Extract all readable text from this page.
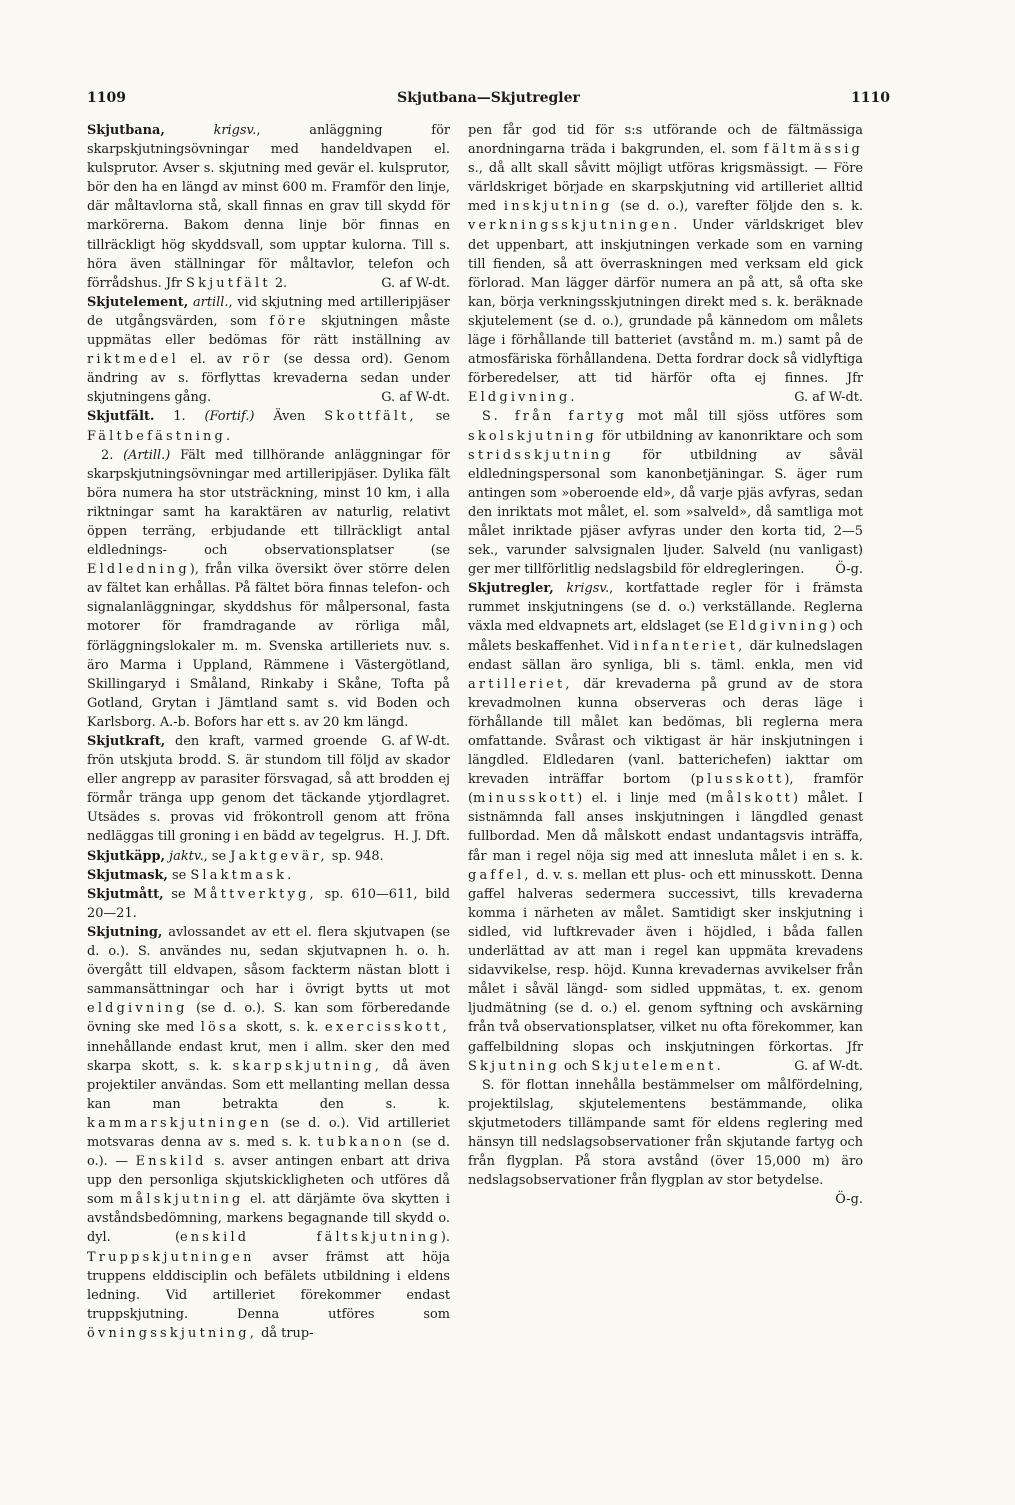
1109	Skjutbana—Skjutregler	1110

Skjutbana,	krigsv., anläggning för skarpskjutningsövningar med handeldvapen el. kulsprutor. Avser s. skjutning med gevär el. kulsprutor, bör den ha en längd av minst 600 m. Framför den linje, där måltavlorna stå, skall finnas en grav till skydd för markörerna. Bakom denna linje bör finnas en tillräckligt hög skyddsvall, som upptar kulorna. Till s. höra även ställningar för måltavlor, telefon och förrådshus. Jfr Skjutfält 2.	G. af W-dt.

Skjutelement, artill., vid skjutning med artilleripjäser de utgångsvärden, som före skjutningen måste uppmätas eller bedömas för rätt inställning av riktmedel el. av rör (se dessa ord). Genom ändring av s. förflyttas krevaderna sedan under skjutningens gång.	G. af W-dt.

Skjutfält. 1. (Fortif.) Även Skottfält, se Fältbefästning.

2. (Artill.) Fält med tillhörande anläggningar för skarpskjutningsövningar med artilleripjäser. Dylika fält böra numera ha stor utsträckning, minst 10 km, i alla riktningar samt ha karaktären av naturlig, relativt öppen terräng, erbjudande ett tillräckligt antal eldlednings- och observationsplatser (se Eldledning), från vilka översikt över större delen av fältet kan erhållas. På fältet böra finnas telefon- och signalanläggningar, skyddshus för målpersonal, fasta motorer för framdragande av rörliga mål, förläggningslokaler m. m. Svenska artilleriets nuv. s. äro Marma i Uppland, Rämmene i Västergötland, Skillingaryd i Småland, Rinkaby i Skåne, Tofta på Gotland, Grytan i Jämtland samt s. vid Boden och Karlsborg. A.-b. Bofors har ett s. av 20 km längd.
G. af W-dt.

Skjutkraft, den kraft, varmed groende frön utskjuta brodd. S. är stundom till följd av skador eller angrepp av parasiter försvagad, så att brodden ej förmår tränga upp genom det täckande ytjordlagret. Utsädes s. provas vid frökontroll genom att fröna nedläggas till groning i en bädd av tegelgrus. H. J. Dft.

Skjutkäpp, jaktv., se Jaktgevär, sp. 948.

Skjutmask, se Slaktmask.

Skjutmått, se Måttverktyg, sp. 610—611, bild 20—21.

Skjutning, avlossandet av ett el. flera skjutvapen (se d. o.). S. användes nu, sedan skjutvapnen h. o. h. övergått till eldvapen, såsom fackterm nästan blott i sammansättningar och har i övrigt bytts ut mot eldgivning (se d. o.). S. kan som förberedande övning ske med lösa skott, s. k. exercisskott, innehållande endast krut, men i allm. sker den med skarpa skott, s. k. skarpskjutning, då även projektiler användas. Som ett mellanting mellan dessa kan man betrakta den s. k. kammarskjutningen (se d. o.). Vid artilleriet motsvaras denna av s. med s. k. tubkanon (se d. o.). — Enskild s. avser antingen enbart att driva upp den personliga skjutskickligheten och utföres då som målskjutning el. att därjämte öva skytten i avståndsbedömning, markens begagnande till skydd o. dyl. (enskild fältskjutning). Truppskjutningen avser främst att höja truppens elddisciplin och befälets utbildning i eldens ledning. Vid artilleriet förekommer endast truppskjutning. Denna utföres som övningsskjutning, då trup-

pen får god tid för s:s utförande och de fältmässiga anordningarna träda i bakgrunden, el. som fältmässig s., då allt skall såvitt möjligt utföras krigsmässigt. — Före världskriget började en skarpskjutning vid artilleriet alltid med inskjutning (se d. o.), varefter följde den s. k. verkningsskjutningen. Under världskriget blev det uppenbart, att inskjutningen verkade som en varning till fienden, så att överraskningen med verksam eld gick förlorad. Man lägger därför numera an på att, så ofta ske kan, börja verkningsskjutningen direkt med s. k. beräknade skjutelement (se d. o.), grundade på kännedom om målets läge i förhållande till batteriet (avstånd m. m.) samt på de atmosfäriska förhållandena. Detta fordrar dock så vidlyftiga förberedelser, att tid härför ofta ej finnes. Jfr Eldgivning.	G. af W-dt.

S. från fartyg mot mål till sjöss utföres som skolskjutning för utbildning av kanonriktare och som stridsskjutning för utbildning av såväl eldledningspersonal som kanonbetjäningar. S. äger rum antingen som »oberoende eld», då varje pjäs avfyras, sedan den inriktats mot målet, el. som »salveld», då samtliga mot målet inriktade pjäser avfyras under den korta tid, 2—5 sek., varunder salvsignalen ljuder. Salveld (nu vanligast) ger mer tillförlitlig nedslagsbild för eldregleringen.	Ö-g.

Skjutregler, krigsv., kortfattade regler för i främsta rummet inskjutningens (se d. o.) verkställande. Reglerna växla med eldvapnets art, eldslaget (se Eldgivning) och målets beskaffenhet. Vid infanteriet, där kulnedslagen endast sällan äro synliga, bli s. täml. enkla, men vid artilleriet, där krevaderna på grund av de stora krevadmolnen kunna observeras och deras läge i förhållande till målet kan bedömas, bli reglerna mera omfattande. Svårast och viktigast är här inskjutningen i längdled. Eldledaren (vanl. batterichefen) iakttar om krevaden inträffar bortom (plusskott), framför (minusskott) el. i linje med (målskott) målet. I sistnämnda fall anses inskjutningen i längdled genast fullbordad. Men då målskott endast undantagsvis inträffa, får man i regel nöja sig med att innesluta målet i en s. k. gaffel, d. v. s. mellan ett plus- och ett minusskott. Denna gaffel halveras sedermera successivt, tills krevaderna komma i närheten av målet. Samtidigt sker inskjutning i sidled, vid luftkrevader även i höjdled, i båda fallen underlättad av att man i regel kan uppmäta krevadens sidavvikelse, resp. höjd. Kunna krevadernas avvikelser från målet i såväl längd- som sidled uppmätas, t. ex. genom ljudmätning (se d. o.) el. genom syftning och avskärning från två observationsplatser, vilket nu ofta förekommer, kan gaffelbildning slopas och inskjutningen förkortas. Jfr Skjutning och Skjutelement.	G. af W-dt.

S. för flottan innehålla bestämmelser om målfördelning, projektilslag, skjutelementens bestämmande, olika skjutmetoders tillämpande samt för eldens reglering med hänsyn till nedslagsobservationer från skjutande fartyg och från flygplan. På stora avstånd (över 15,000 m) äro nedslagsobservationer från flygplan av stor betydelse.
Ö-g.
